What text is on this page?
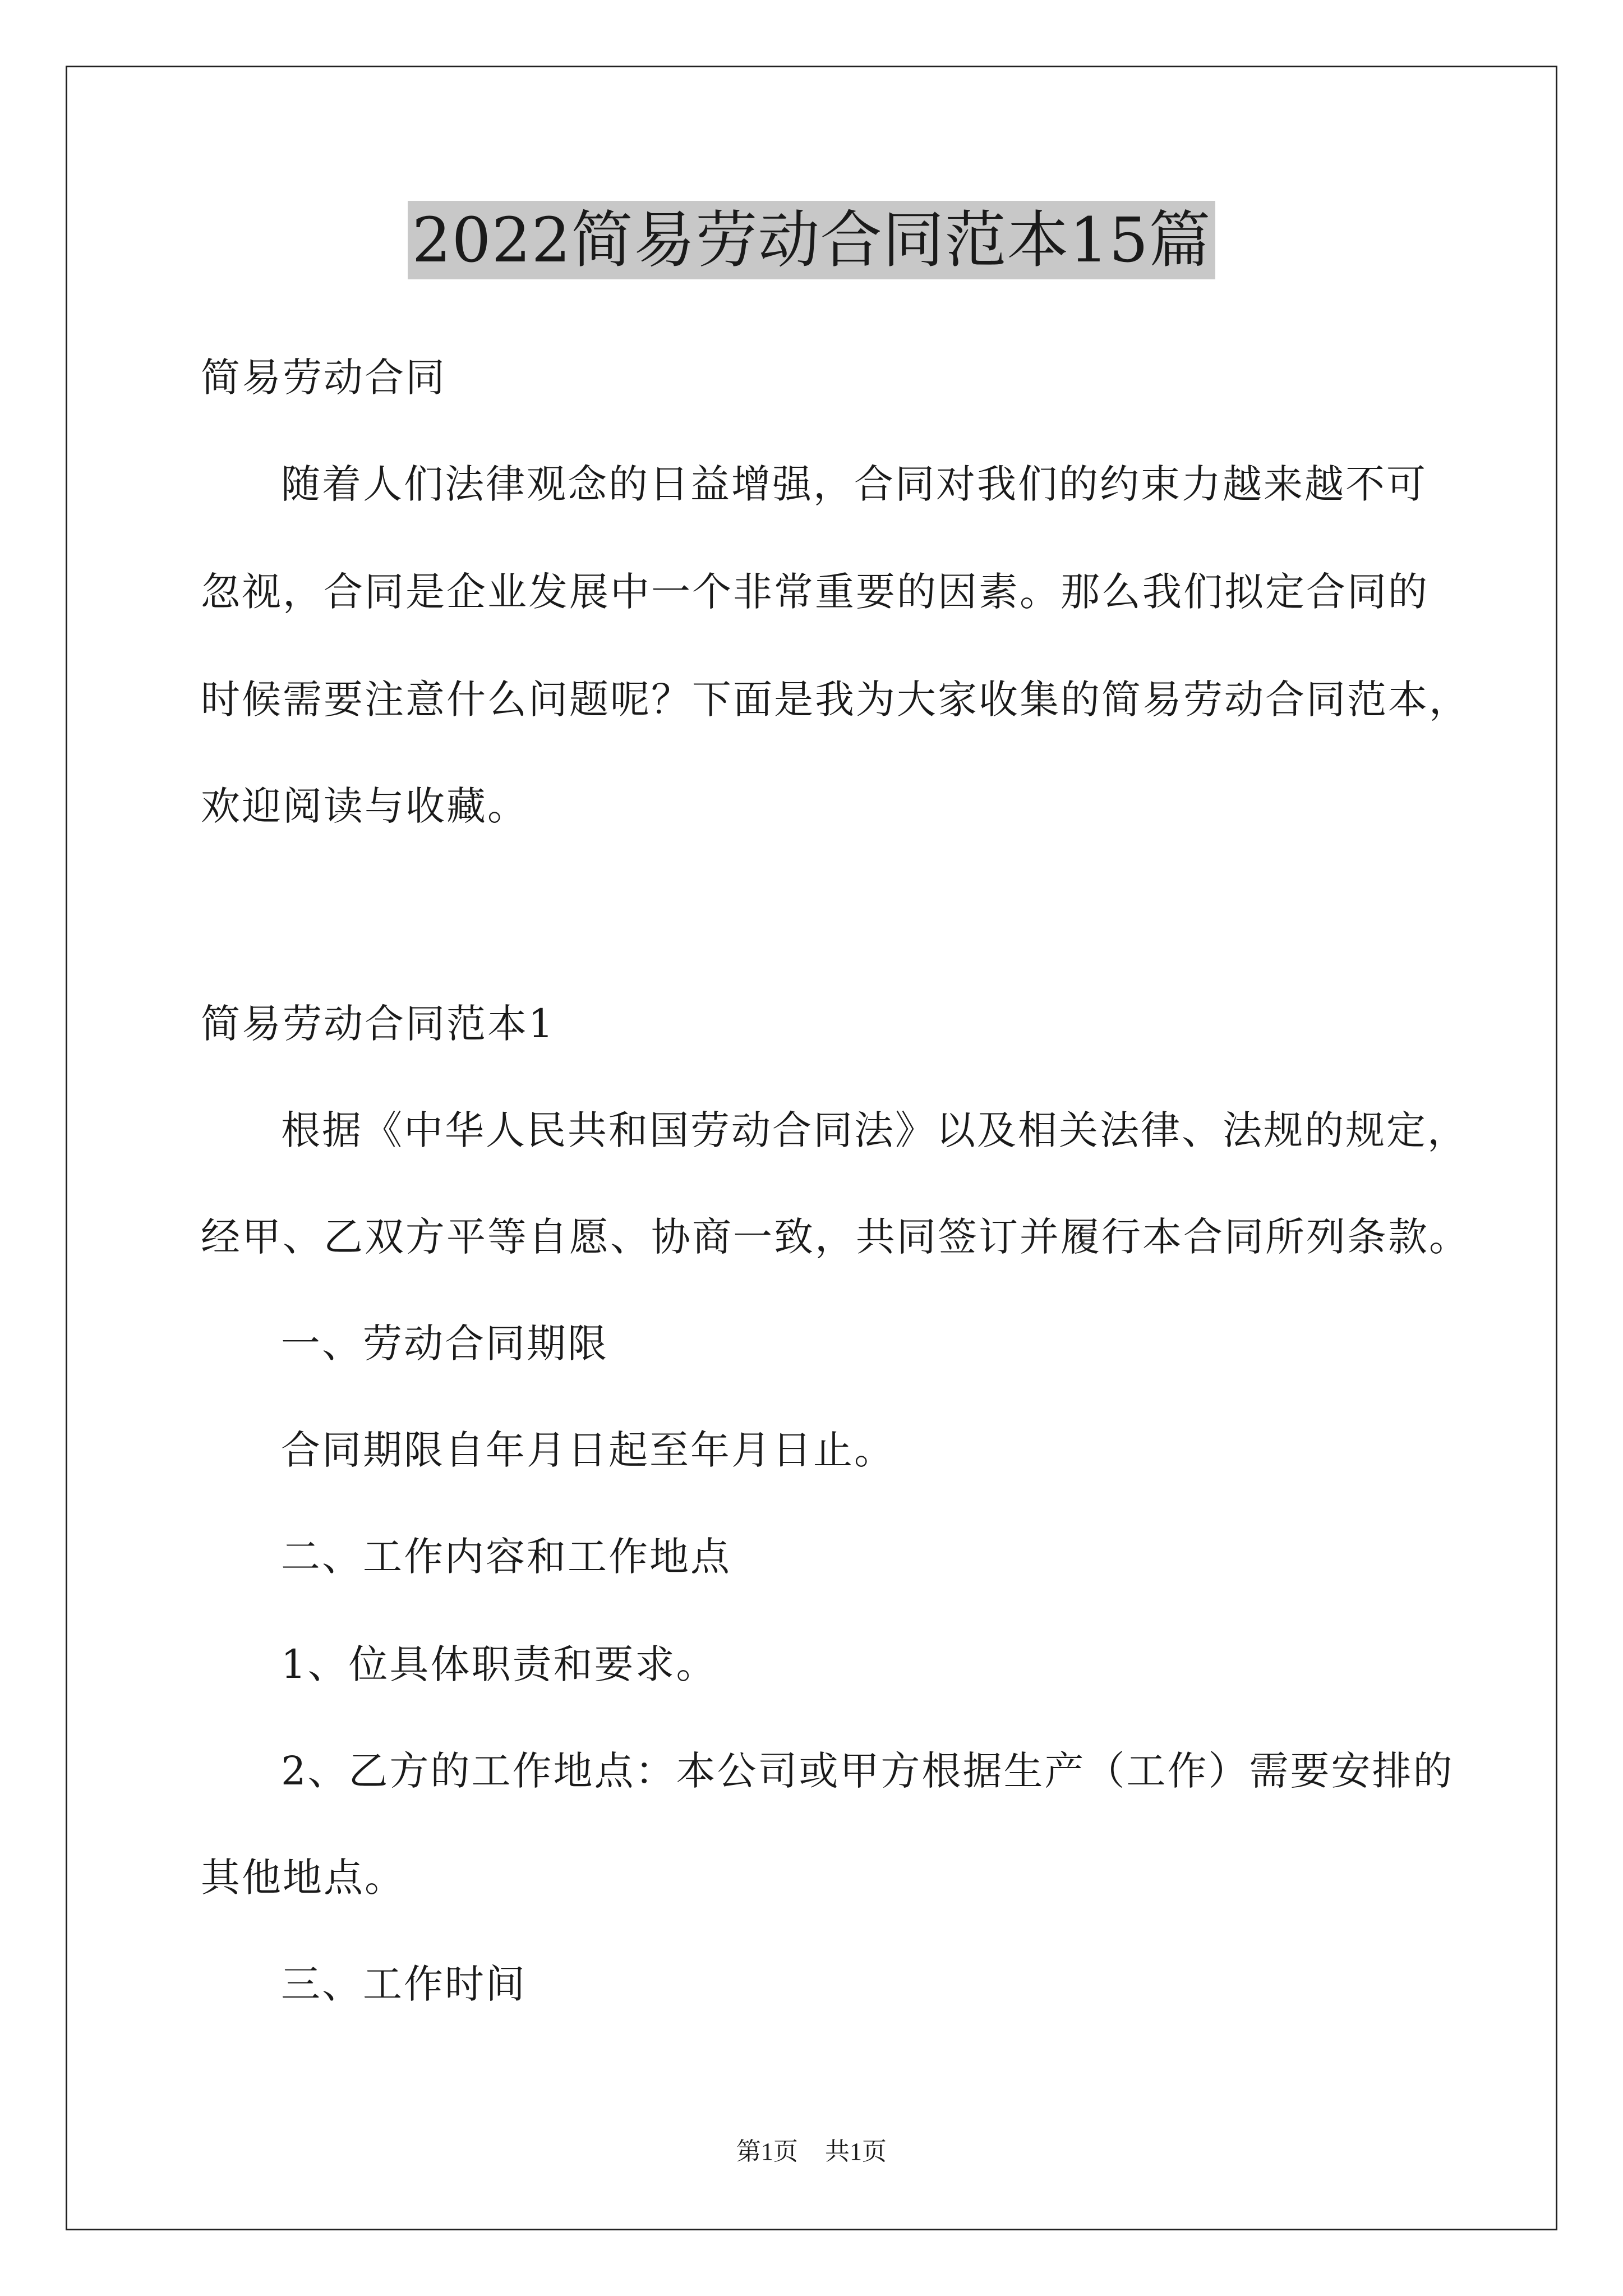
2022简易劳动合同范本15篇
简易劳动合同
随着人们法律观念的日益增强，合同对我们的约束力越来越不可
忽视，合同是企业发展中一个非常重要的因素。那么我们拟定合同的
时候需要注意什么问题呢？下面是我为大家收集的简易劳动合同范本，
欢迎阅读与收藏。
简易劳动合同范本1
根据《中华人民共和国劳动合同法》以及相关法律、法规的规定，
经甲、乙双方平等自愿、协商一致，共同签订并履行本合同所列条款。
一、劳动合同期限
合同期限自年月日起至年月日止。
二、工作内容和工作地点
1、位具体职责和要求。
2、乙方的工作地点：本公司或甲方根据生产（工作）需要安排的
其他地点。
三、工作时间
第1页 共1页
